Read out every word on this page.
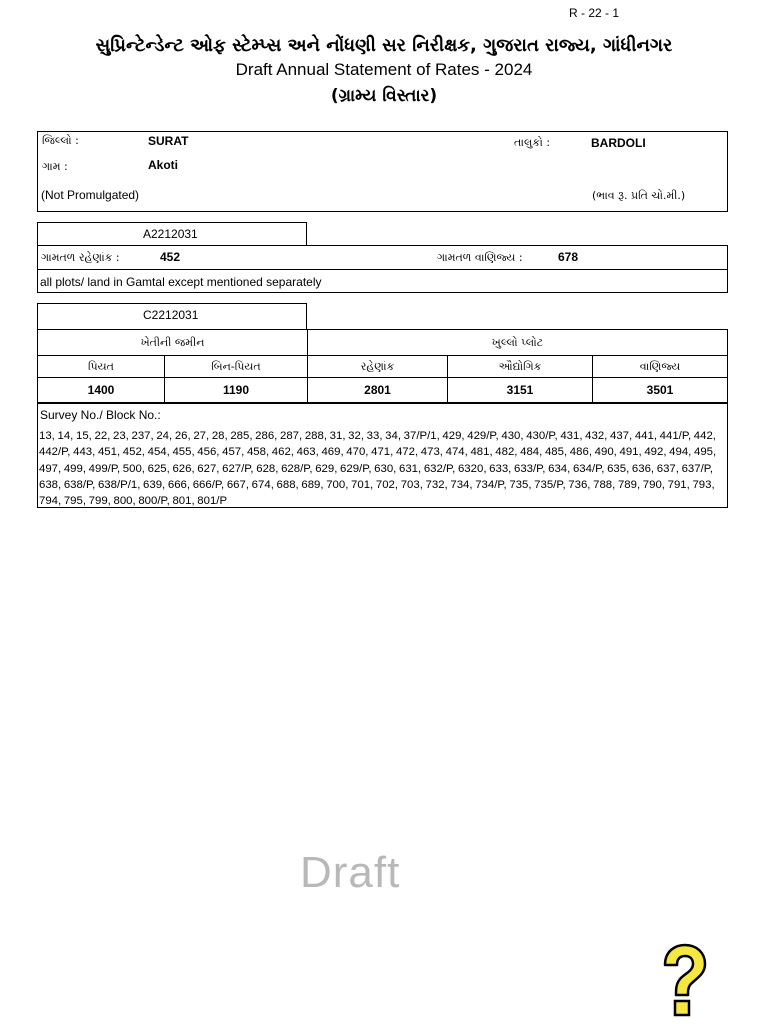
R - 22 - 1
સુપ્રિન્ટેન્ડેન્ટ ઓફ સ્ટેમ્પ્સ અને નોંધણી સર નિરીક્ષક, ગુજરાત રાજ્ય, ગાંધીનગર
Draft Annual Statement of Rates - 2024
(ગ્રામ્ય વિસ્તાર)
જિલ્લો :	SURAT	તાલુકો :	BARDOLI
ગામ :	Akoti
(Not Promulgated)	(ભાવ રૂ. પ્રતિ ચો.મી.)
A2212031
ગામતળ રહેણાંક :	452	ગામતળ વાણિજ્ય :	678
all plots/ land in Gamtal except mentioned separately
C2212031
ખેતીની જમીન		ખુલ્લો પ્લોટ		
પિયત	બિન-પિયત	રહેણાંક	ઔદ્યોગિક	વાણિજ્ય
1400	1190	2801	3151	3501
Survey No./ Block No.:
13, 14, 15, 22, 23, 237, 24, 26, 27, 28, 285, 286, 287, 288, 31, 32, 33, 34, 37/P/1, 429, 429/P, 430, 430/P, 431, 432, 437, 441, 441/P, 442, 442/P, 443, 451, 452, 454, 455, 456, 457, 458, 462, 463, 469, 470, 471, 472, 473, 474, 481, 482, 484, 485, 486, 490, 491, 492, 494, 495, 497, 499, 499/P, 500, 625, 626, 627, 627/P, 628, 628/P, 629, 629/P, 630, 631, 632/P, 6320, 633, 633/P, 634, 634/P, 635, 636, 637, 637/P, 638, 638/P, 638/P/1, 639, 666, 666/P, 667, 674, 688, 689, 700, 701, 702, 703, 732, 734, 734/P, 735, 735/P, 736, 788, 789, 790, 791, 793, 794, 795, 799, 800, 800/P, 801, 801/P
Draft
